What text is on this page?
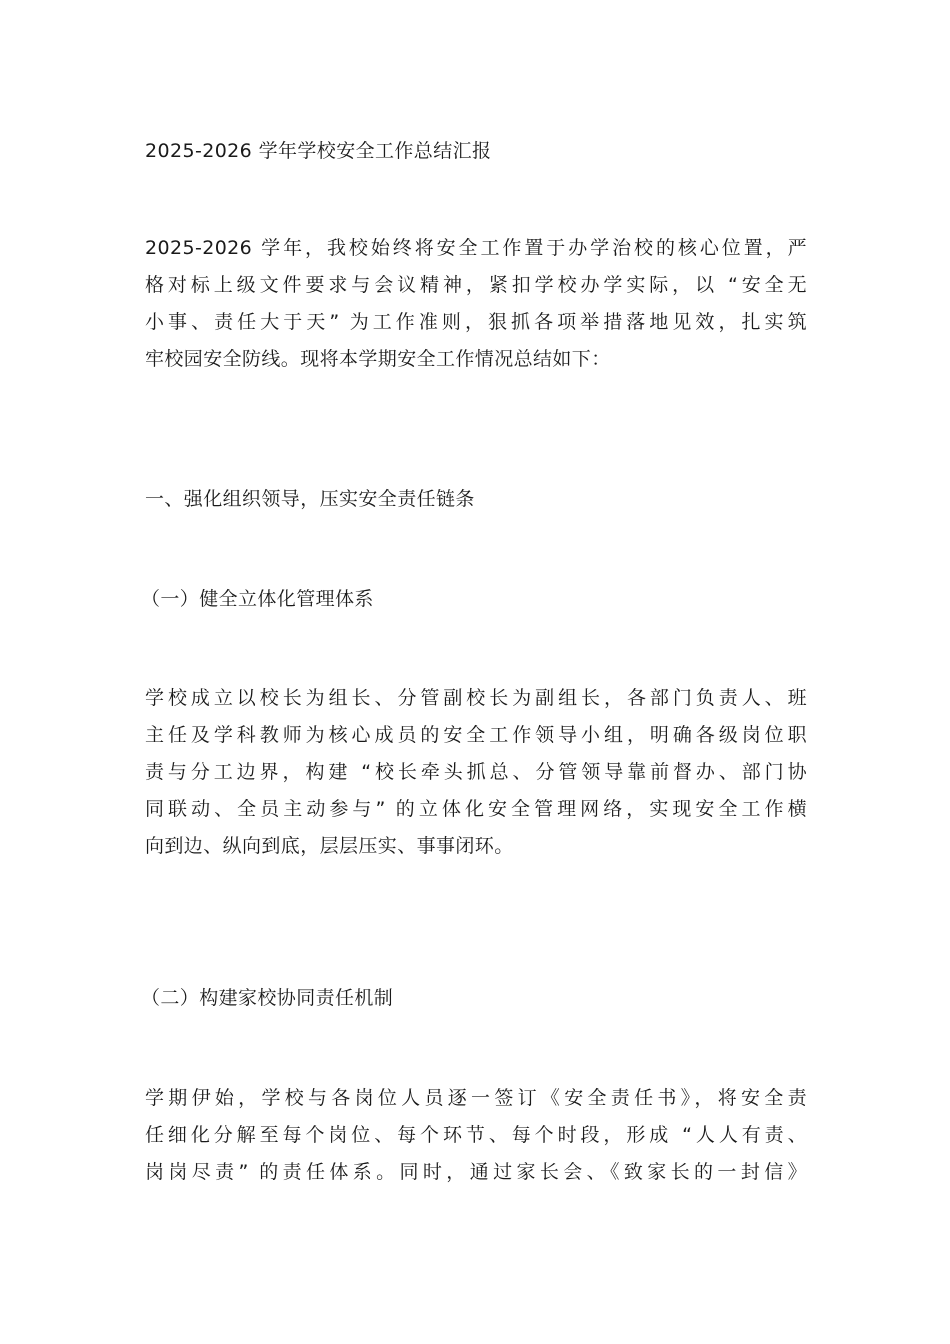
2025-2026 学年学校安全工作总结汇报
2025-2026 学年，我校始终将安全工作置于办学治校的核心位置，严
格对标上级文件要求与会议精神，紧扣学校办学实际，以 “安全无
小事、责任大于天” 为工作准则，狠抓各项举措落地见效，扎实筑
牢校园安全防线。现将本学期安全工作情况总结如下：
一、强化组织领导，压实安全责任链条
（一）健全立体化管理体系
学校成立以校长为组长、分管副校长为副组长，各部门负责人、班
主任及学科教师为核心成员的安全工作领导小组，明确各级岗位职
责与分工边界，构建 “校长牵头抓总、分管领导靠前督办、部门协
同联动、全员主动参与” 的立体化安全管理网络，实现安全工作横
向到边、纵向到底，层层压实、事事闭环。
（二）构建家校协同责任机制
学期伊始，学校与各岗位人员逐一签订《安全责任书》，将安全责
任细化分解至每个岗位、每个环节、每个时段，形成 “人人有责、
岗岗尽责” 的责任体系。同时，通过家长会、《致家长的一封信》
